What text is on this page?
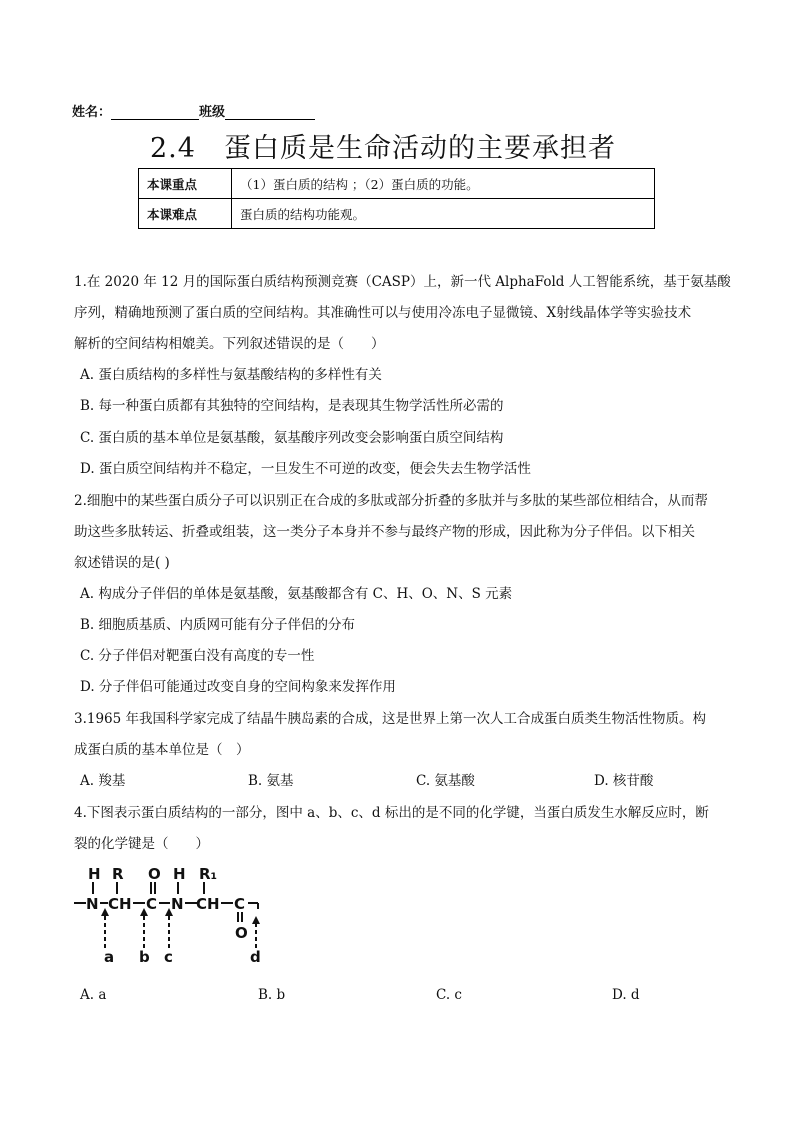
姓名：	班级
2.4　蛋白质是生命活动的主要承担者
本课重点	（1）蛋白质的结构 ；（2）蛋白质的功能。
本课难点	蛋白质的结构功能观。
1.在 2020 年 12 月的国际蛋白质结构预测竞赛（CASP）上，新一代 AlphaFold 人工智能系统，基于氨基酸
序列，精确地预测了蛋白质的空间结构。其准确性可以与使用冷冻电子显微镜、X射线晶体学等实验技术
解析的空间结构相媲美。下列叙述错误的是（　　）
A. 蛋白质结构的多样性与氨基酸结构的多样性有关
B. 每一种蛋白质都有其独特的空间结构，是表现其生物学活性所必需的
C. 蛋白质的基本单位是氨基酸，氨基酸序列改变会影响蛋白质空间结构
D. 蛋白质空间结构并不稳定，一旦发生不可逆的改变，便会失去生物学活性
2.细胞中的某些蛋白质分子可以识别正在合成的多肽或部分折叠的多肽并与多肽的某些部位相结合，从而帮
助这些多肽转运、折叠或组装，这一类分子本身并不参与最终产物的形成，因此称为分子伴侣。以下相关
叙述错误的是( )
A. 构成分子伴侣的单体是氨基酸，氨基酸都含有 C、H、O、N、S 元素
B. 细胞质基质、内质网可能有分子伴侣的分布
C. 分子伴侣对靶蛋白没有高度的专一性
D. 分子伴侣可能通过改变自身的空间构象来发挥作用
3.1965 年我国科学家完成了结晶牛胰岛素的合成，这是世界上第一次人工合成蛋白质类生物活性物质。构
成蛋白质的基本单位是（　）
A. 羧基	B. 氨基	C. 氨基酸	D. 核苷酸
4.下图表示蛋白质结构的一部分，图中 a、b、c、d 标出的是不同的化学键，当蛋白质发生水解反应时，断
裂的化学键是（　　）
H R O H R₁
N CH C N CH C
O
a b c	d
A. a	B. b	C. c	D. d
